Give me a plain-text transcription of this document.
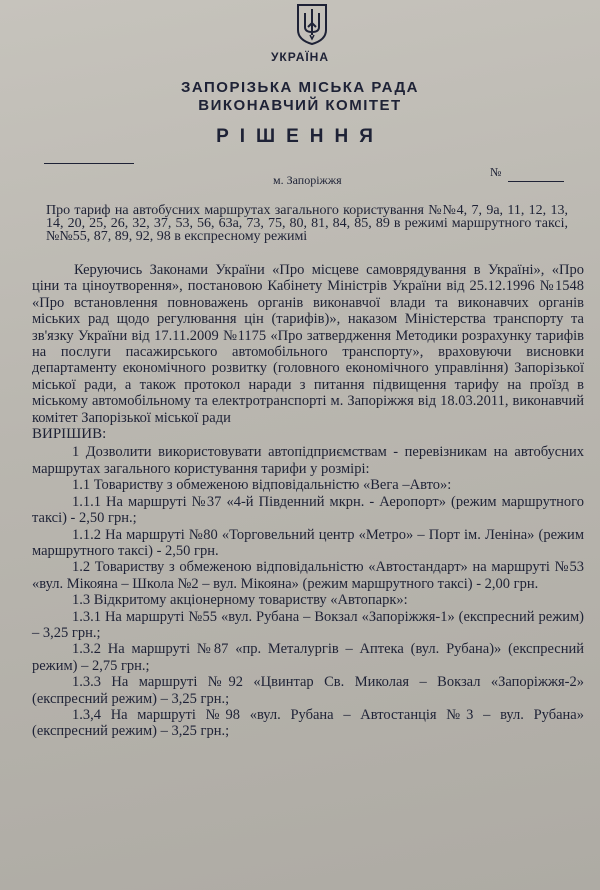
УКРАЇНА
ЗАПОРІЗЬКА МІСЬКА РАДА
ВИКОНАВЧИЙ КОМІТЕТ
РІШЕННЯ
м. Запоріжжя
№
Про тариф на автобусних маршрутах загального користування №№4, 7, 9а, 11, 12, 13, 14, 20, 25, 26, 32, 37, 53, 56, 63а, 73, 75, 80, 81, 84, 85, 89 в режимі маршрутного таксі, №№55, 87, 89, 92, 98 в експресному режимі

Керуючись Законами України «Про місцеве самоврядування в Україні», «Про ціни та ціноутворення», постановою Кабінету Міністрів України від 25.12.1996 №1548 «Про встановлення повноважень органів виконавчої влади та виконавчих органів міських рад щодо регулювання цін (тарифів)», наказом Міністерства транспорту та зв'язку України від 17.11.2009 №1175 «Про затвердження Методики розрахунку тарифів на послуги пасажирського автомобільного транспорту», враховуючи висновки департаменту економічного розвитку (головного економічного управління) Запорізької міської ради, а також протокол наради з питання підвищення тарифу на проїзд в міському автомобільному та електротранспорті м. Запоріжжя від 18.03.2011, виконавчий комітет Запорізької міської ради

ВИРІШИВ:

1 Дозволити використовувати автопідприємствам - перевізникам на автобусних маршрутах загального користування тарифи у розмірі:

1.1 Товариству з обмеженою відповідальністю «Вега –Авто»:

1.1.1 На маршруті №37 «4-й Південний мкрн. - Аеропорт» (режим маршрутного таксі) - 2,50 грн.;

1.1.2 На маршруті №80 «Торговельний центр «Метро» – Порт ім. Леніна» (режим маршрутного таксі) - 2,50 грн.

1.2 Товариству з обмеженою відповідальністю «Автостандарт» на маршруті №53 «вул. Мікояна – Школа №2 – вул. Мікояна» (режим маршрутного таксі) - 2,00 грн.

1.3 Відкритому акціонерному товариству «Автопарк»:

1.3.1 На маршруті №55 «вул. Рубана – Вокзал «Запоріжжя-1» (експресний режим) – 3,25 грн.;

1.3.2 На маршруті №87 «пр. Металургів – Аптека (вул. Рубана)» (експресний режим) – 2,75 грн.;

1.3.3 На маршруті №92 «Цвинтар Св. Миколая – Вокзал «Запоріжжя-2» (експресний режим) – 3,25 грн.;

1.3,4 На маршруті №98 «вул. Рубана – Автостанція №3 – вул. Рубана» (експресний режим) – 3,25 грн.;
